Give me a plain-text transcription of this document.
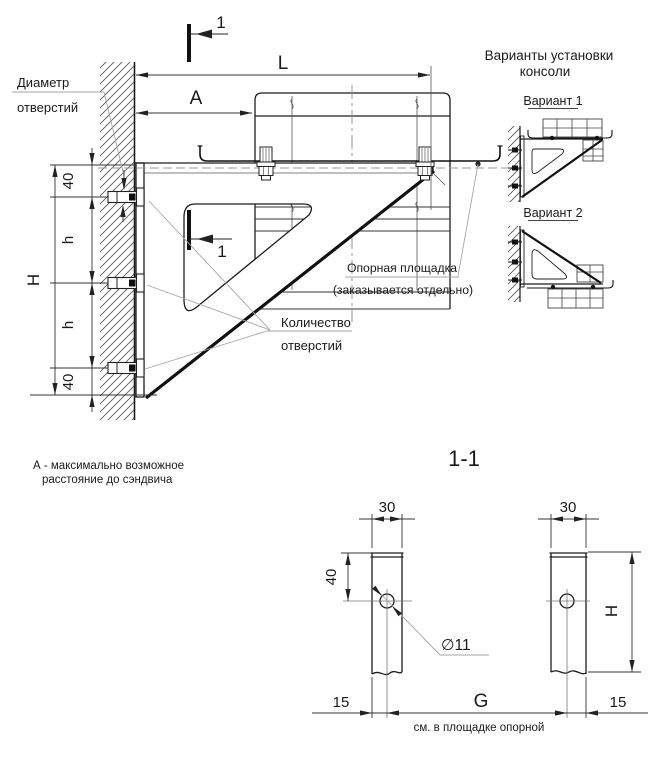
1
40
h
h
40
H
L
A
1
Диаметр
отверстий
Количество
отверстий
Опорная площадка
(заказывается отдельно)
А - максимально возможное
расстояние до сэндвича
Варианты установки
консоли
Вариант 1
Вариант 2
1-1
30	30
40
H
∅11
15	G	15
см. в площадке опорной
